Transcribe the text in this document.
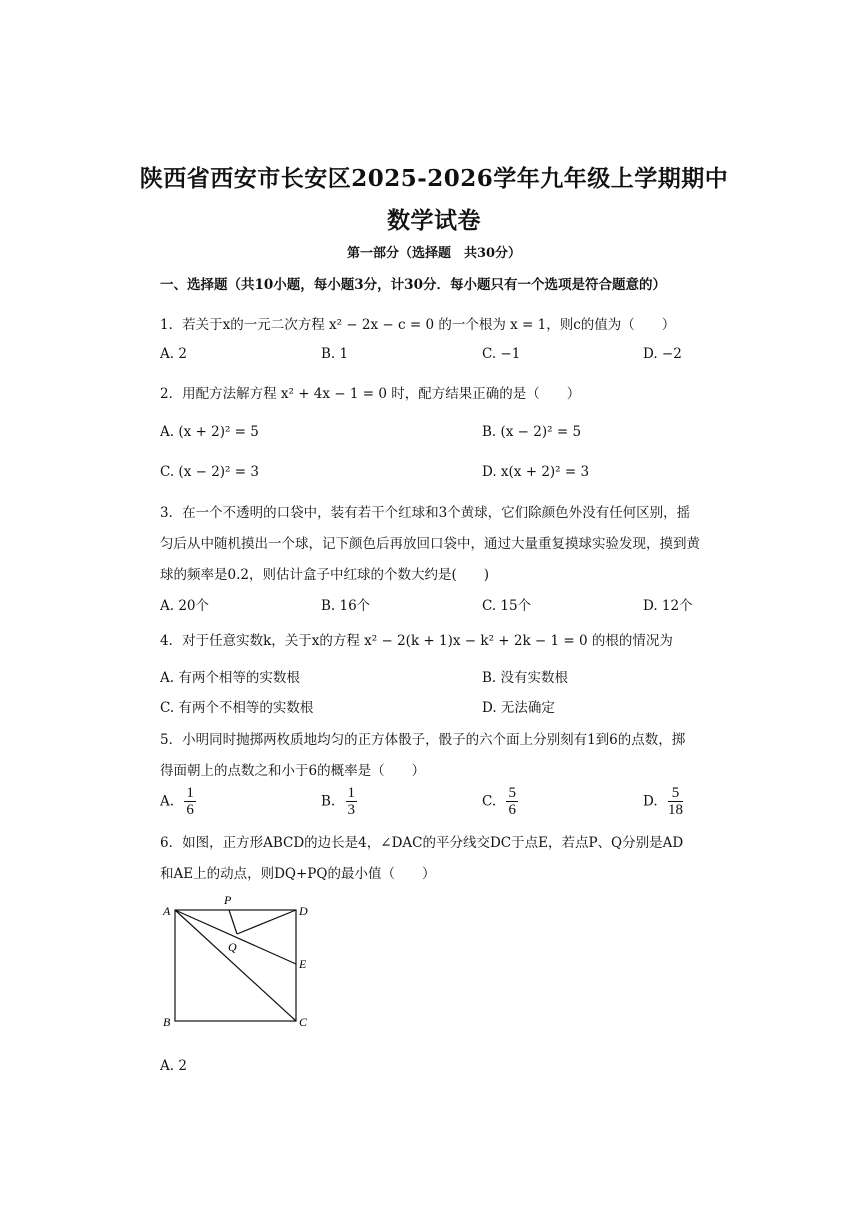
陕西省西安市长安区2025-2026学年九年级上学期期中
数学试卷
第一部分（选择题　共30分）
一、选择题（共10小题，每小题3分，计30分．每小题只有一个选项是符合题意的）
1．若关于x的一元二次方程 x² − 2x − c = 0 的一个根为 x = 1，则c的值为（　　）
A. 2	B. 1	C. −1	D. −2
2．用配方法解方程 x² + 4x − 1 = 0 时，配方结果正确的是（　　）
A. (x + 2)² = 5	B. (x − 2)² = 5
C. (x − 2)² = 3	D. x(x + 2)² = 3
3．在一个不透明的口袋中，装有若干个红球和3个黄球，它们除颜色外没有任何区别，摇
匀后从中随机摸出一个球，记下颜色后再放回口袋中，通过大量重复摸球实验发现，摸到黄
球的频率是0.2，则估计盒子中红球的个数大约是(　　)
A. 20个	B. 16个	C. 15个	D. 12个
4．对于任意实数k，关于x的方程 x² − 2(k + 1)x − k² + 2k − 1 = 0 的根的情况为
A. 有两个相等的实数根	B. 没有实数根
C. 有两个不相等的实数根	D. 无法确定
5．小明同时抛掷两枚质地均匀的正方体骰子，骰子的六个面上分别刻有1到6的点数，掷
得面朝上的点数之和小于6的概率是（　　）
A. $\frac{1}{6}$	B. $\frac{1}{3}$	C. $\frac{5}{6}$	D. $\frac{5}{18}$
6．如图，正方形ABCD的边长是4，∠DAC的平分线交DC于点E，若点P、Q分别是AD
和AE上的动点，则DQ+PQ的最小值（　　）
A
B	C
D
E
P
Q
A. 2
